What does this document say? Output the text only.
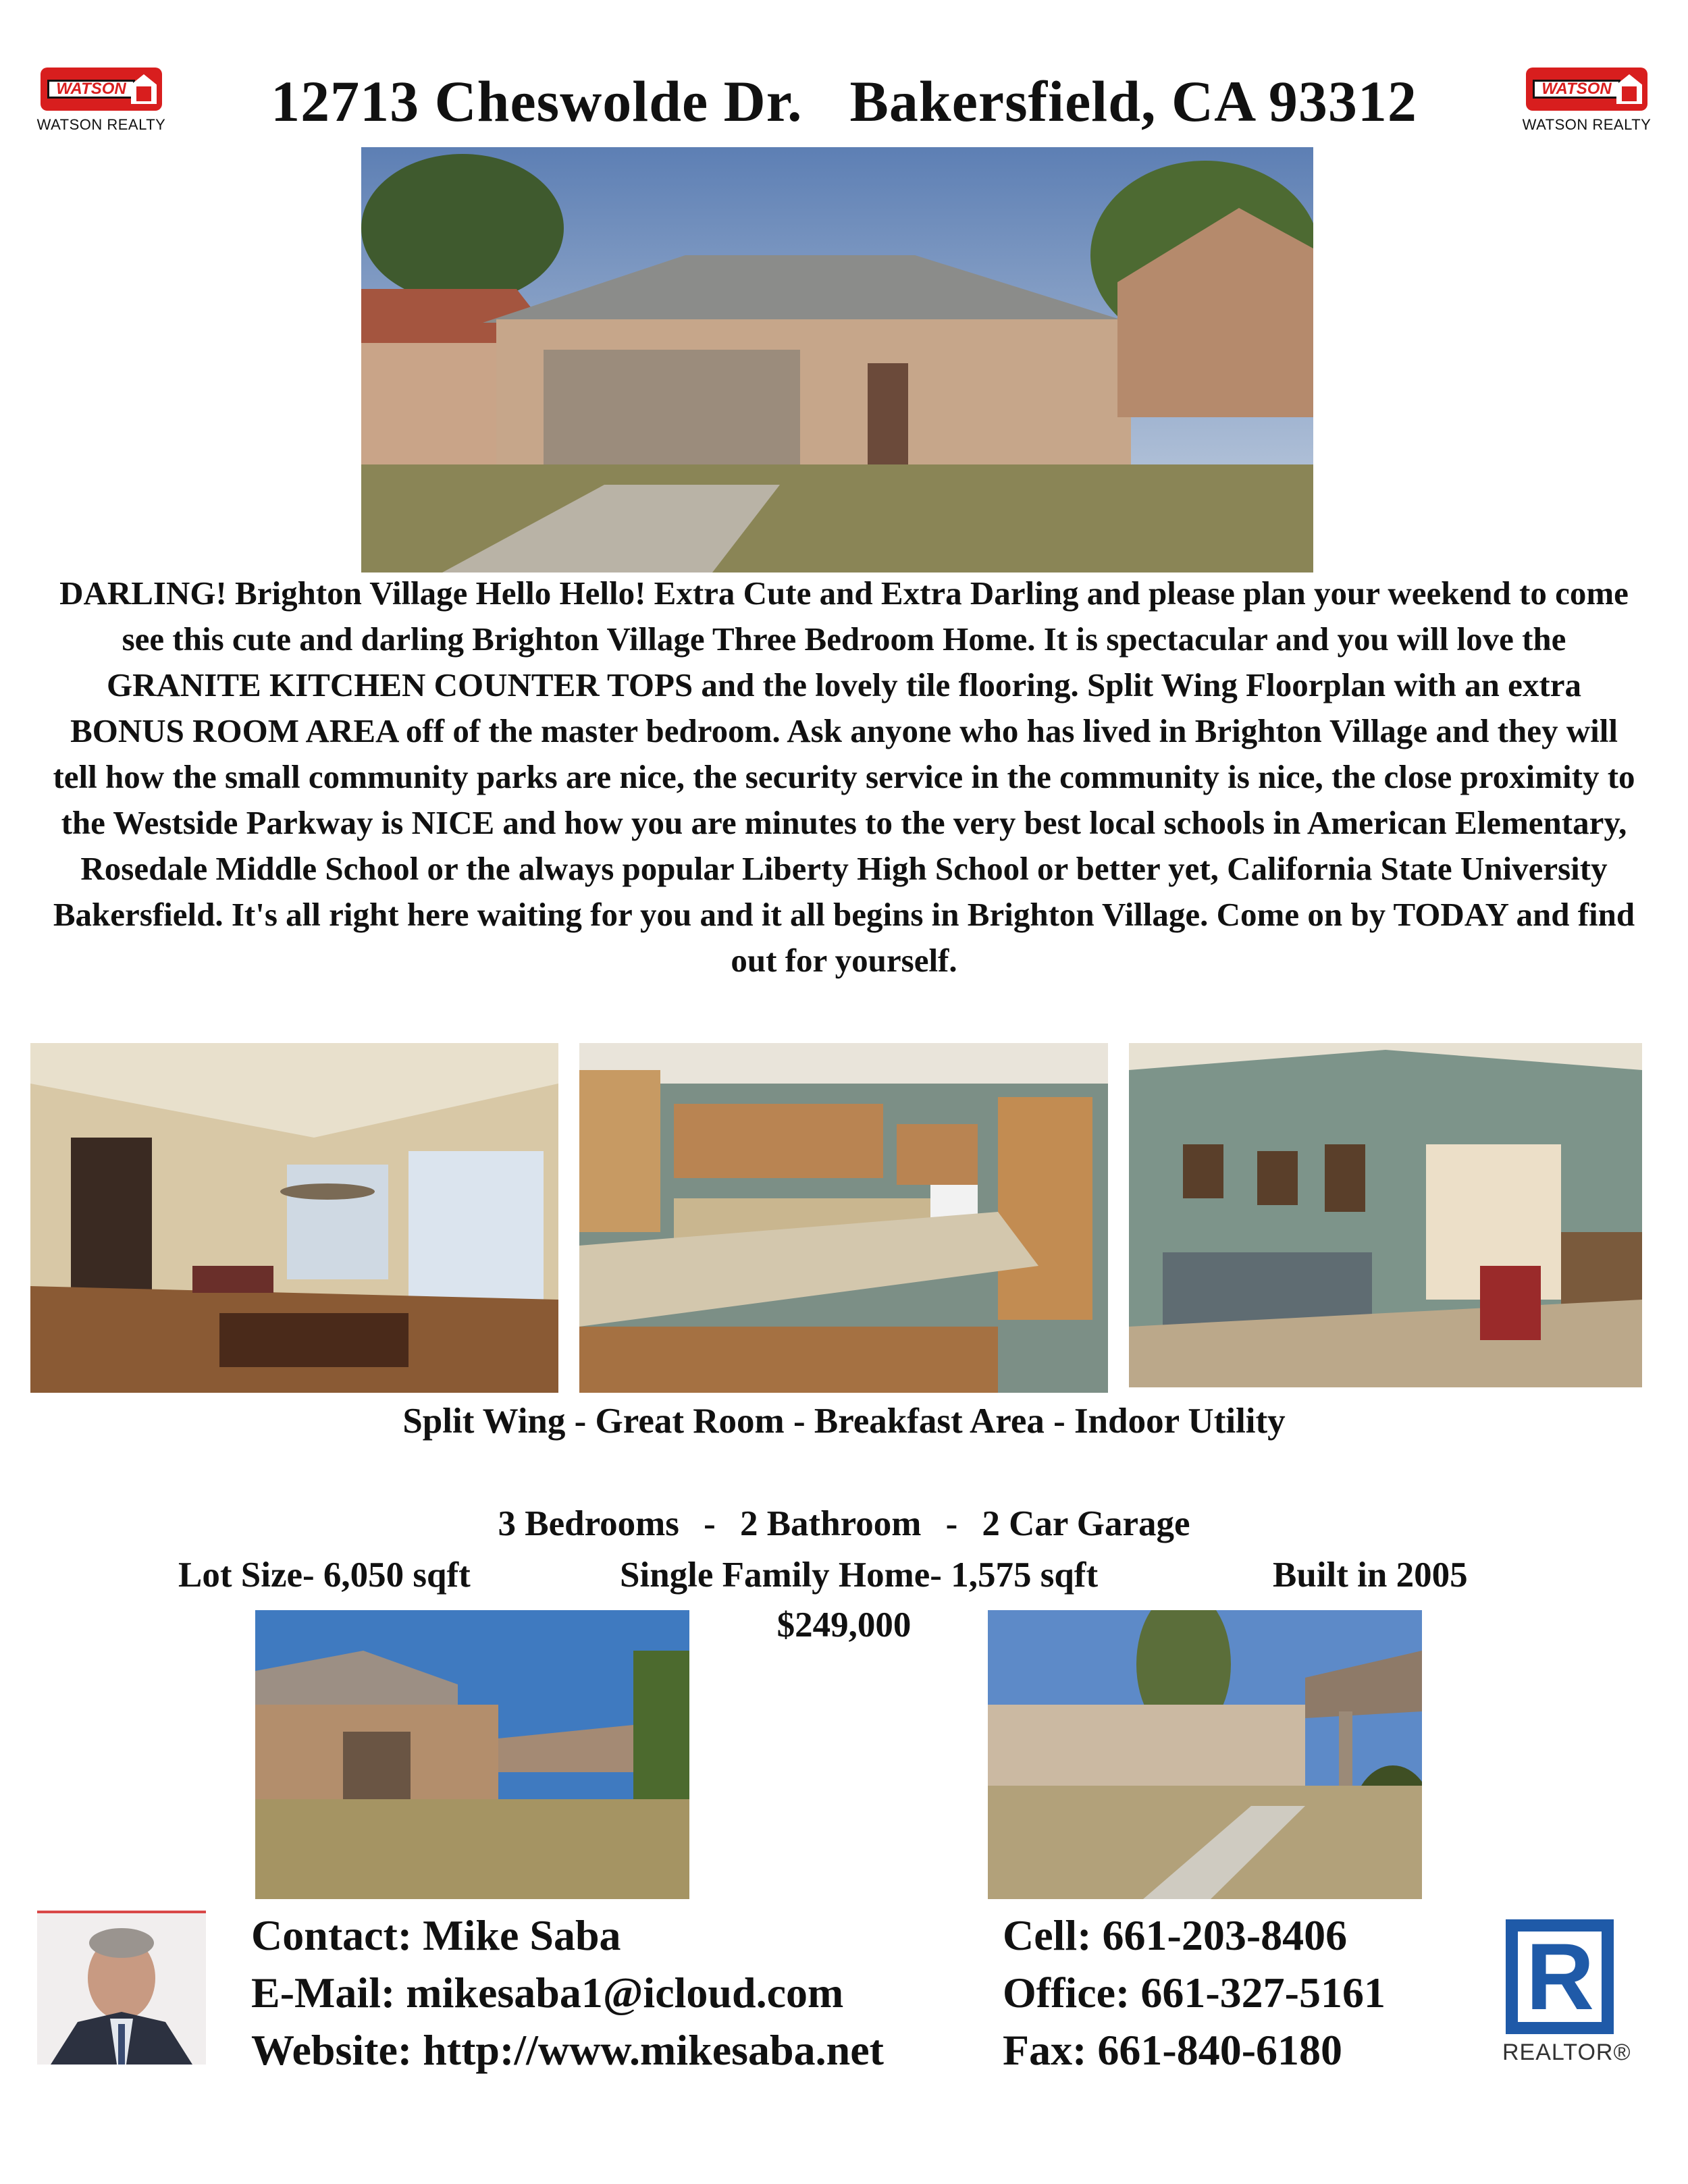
WATSON
WATSON REALTY
WATSON
WATSON REALTY
12713 Cheswolde Dr. Bakersfield, CA 93312
DARLING! Brighton Village Hello Hello! Extra Cute and Extra Darling and please plan your weekend to come see this cute and darling Brighton Village Three Bedroom Home. It is spectacular and you will love the GRANITE KITCHEN COUNTER TOPS and the lovely tile flooring. Split Wing Floorplan with an extra BONUS ROOM AREA off of the master bedroom. Ask anyone who has lived in Brighton Village and they will tell how the small community parks are nice, the security service in the community is nice, the close proximity to the Westside Parkway is NICE and how you are minutes to the very best local schools in American Elementary, Rosedale Middle School or the always popular Liberty High School or better yet, California State University Bakersfield. It's all right here waiting for you and it all begins in Brighton Village. Come on by TODAY and find out for yourself.
Split Wing - Great Room - Breakfast Area - Indoor Utility
3 Bedrooms - 2 Bathroom - 2 Car Garage
Lot Size- 6,050 sqft	Single Family Home- 1,575 sqft	Built in 2005
$249,000
Contact: Mike Saba
E-Mail: mikesaba1@icloud.com
Website: http://www.mikesaba.net
Cell: 661-203-8406
Office: 661-327-5161
Fax: 661-840-6180
R
REALTOR®
